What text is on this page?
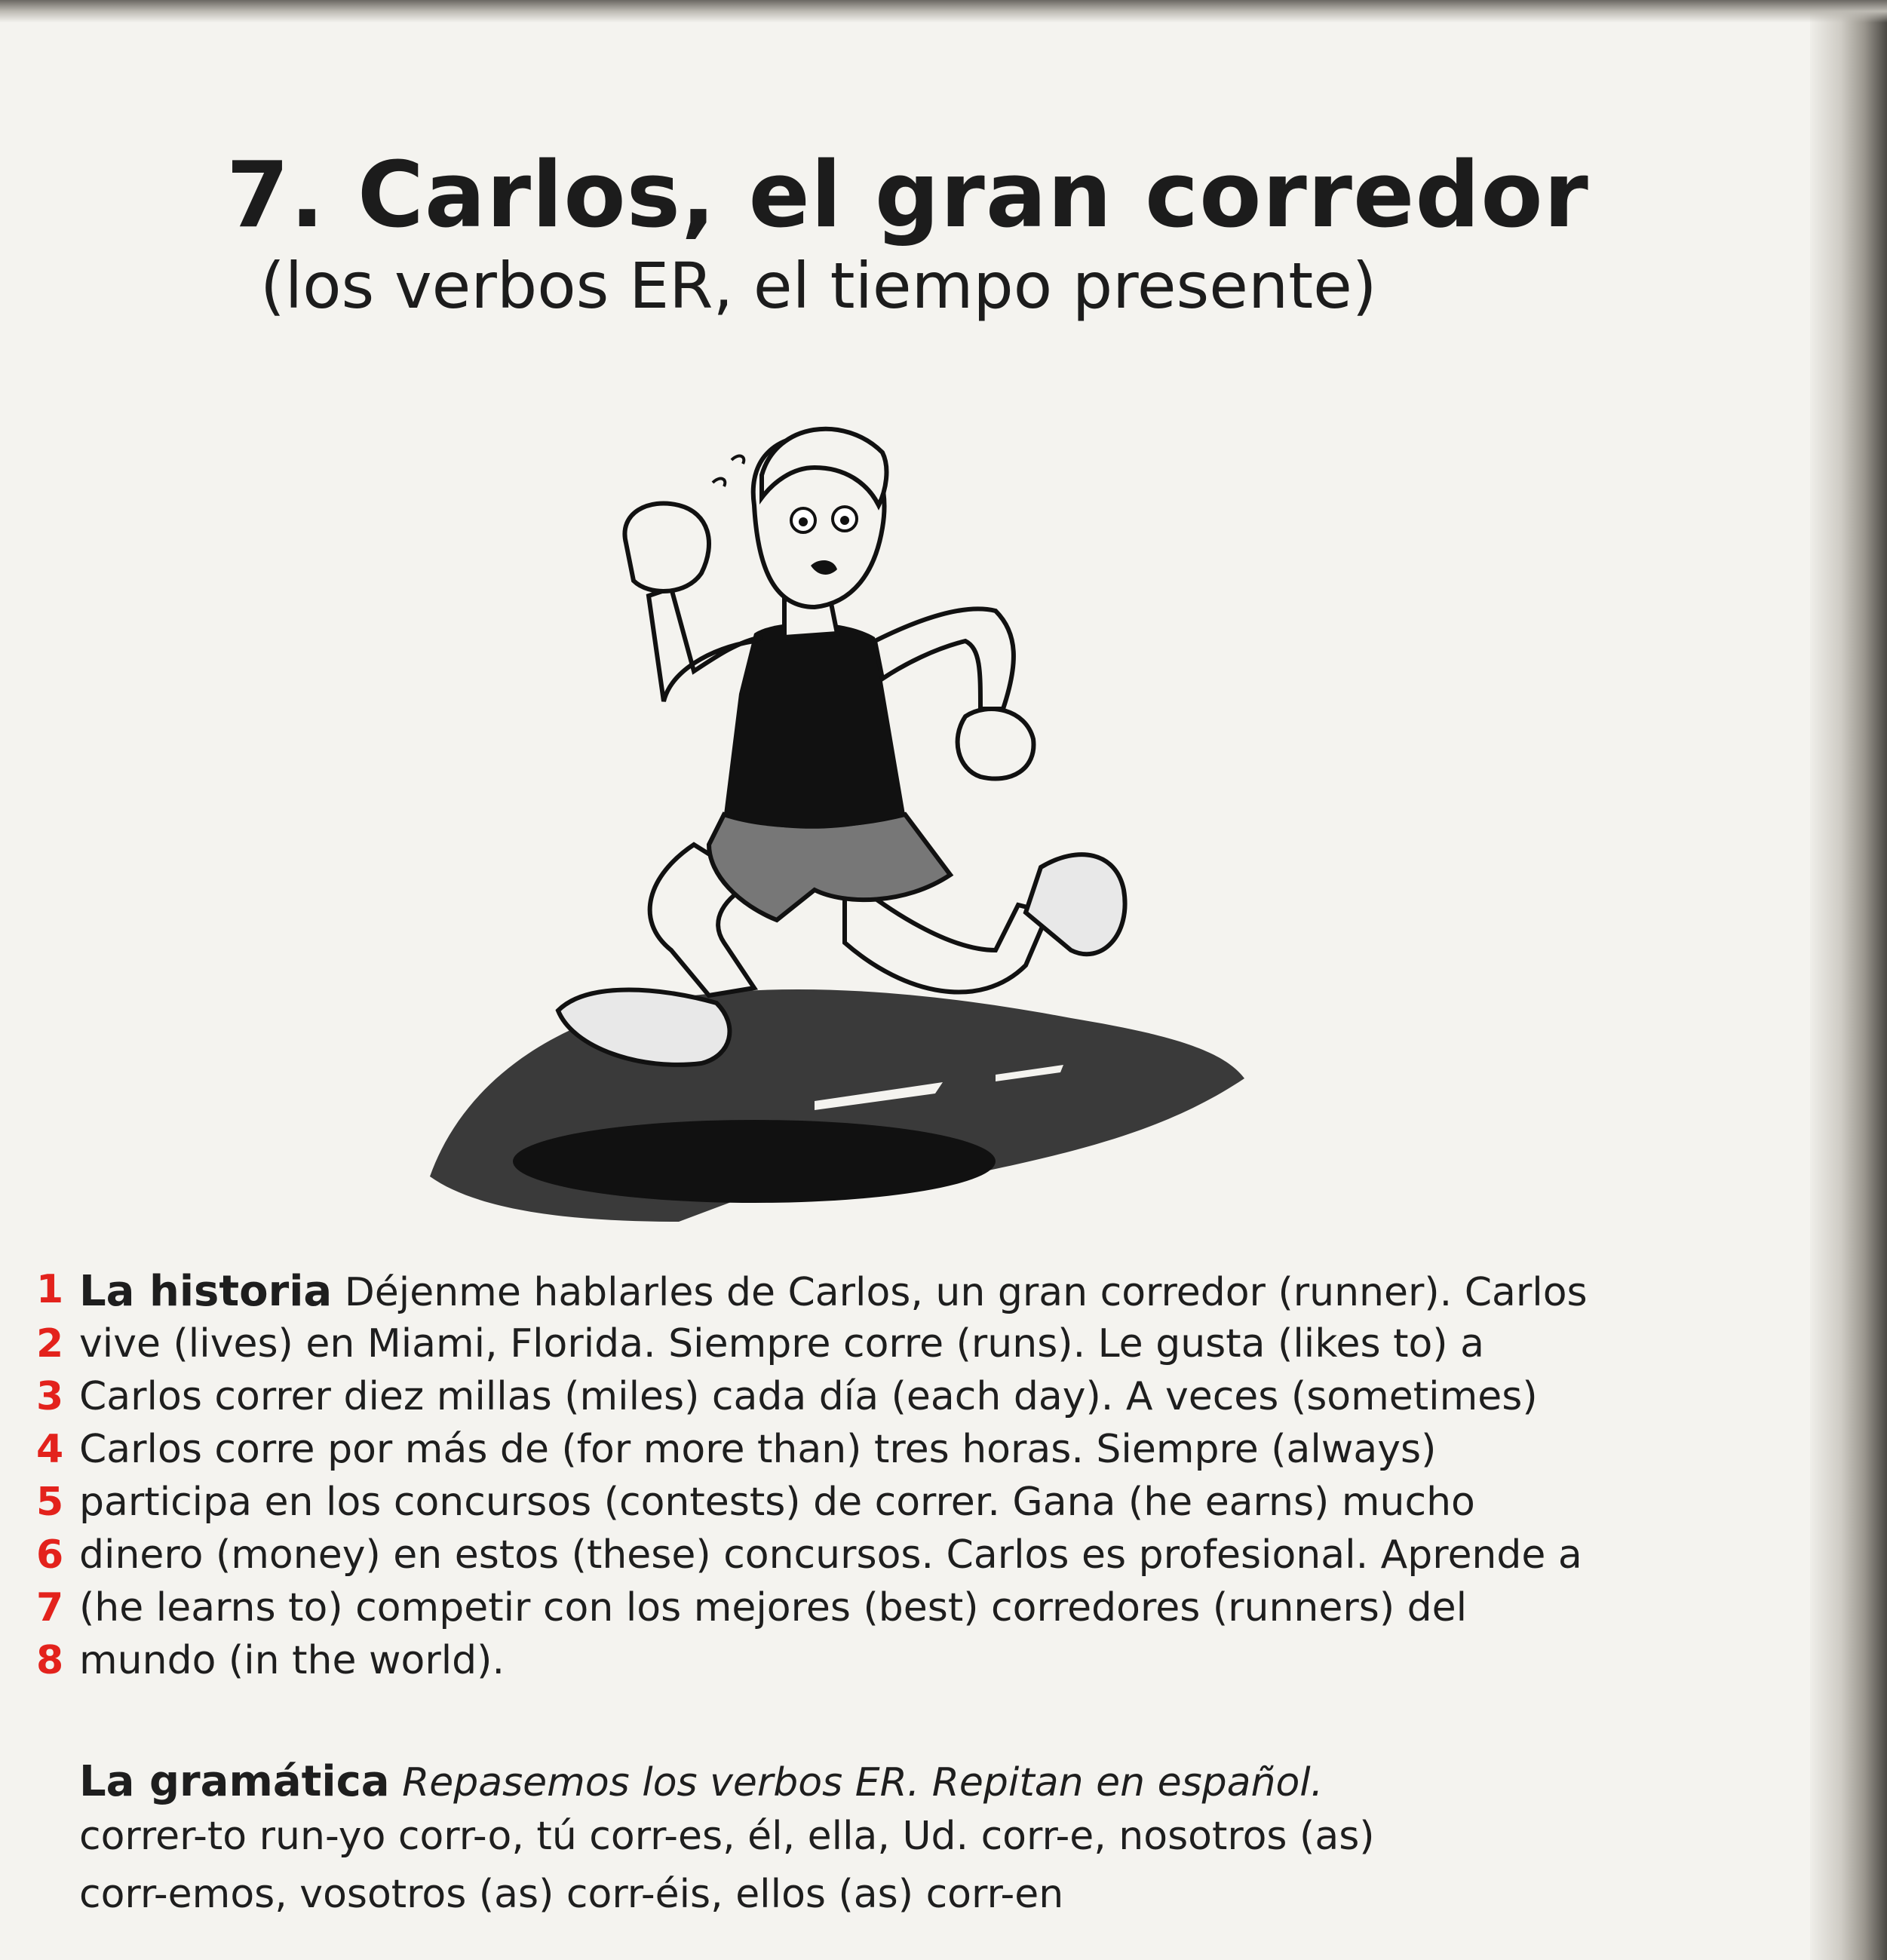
7. Carlos, el gran corredor
(los verbos ER, el tiempo presente)
1
2
3
4
5
6
7
8
La historia Déjenme hablarles de Carlos, un gran corredor (runner). Carlos
vive (lives) en Miami, Florida. Siempre corre (runs). Le gusta (likes to) a
Carlos correr diez millas (miles) cada día (each day). A veces (sometimes)
Carlos corre por más de (for more than) tres horas. Siempre (always)
participa en los concursos (contests) de correr. Gana (he earns) mucho
dinero (money) en estos (these) concursos. Carlos es profesional. Aprende a
(he learns to) competir con los mejores (best) corredores (runners) del
mundo (in the world).
La gramática Repasemos los verbos ER. Repitan en español.
correr-to run-yo corr-o, tú corr-es, él, ella, Ud. corr-e, nosotros (as)
corr-emos, vosotros (as) corr-éis, ellos (as) corr-en
